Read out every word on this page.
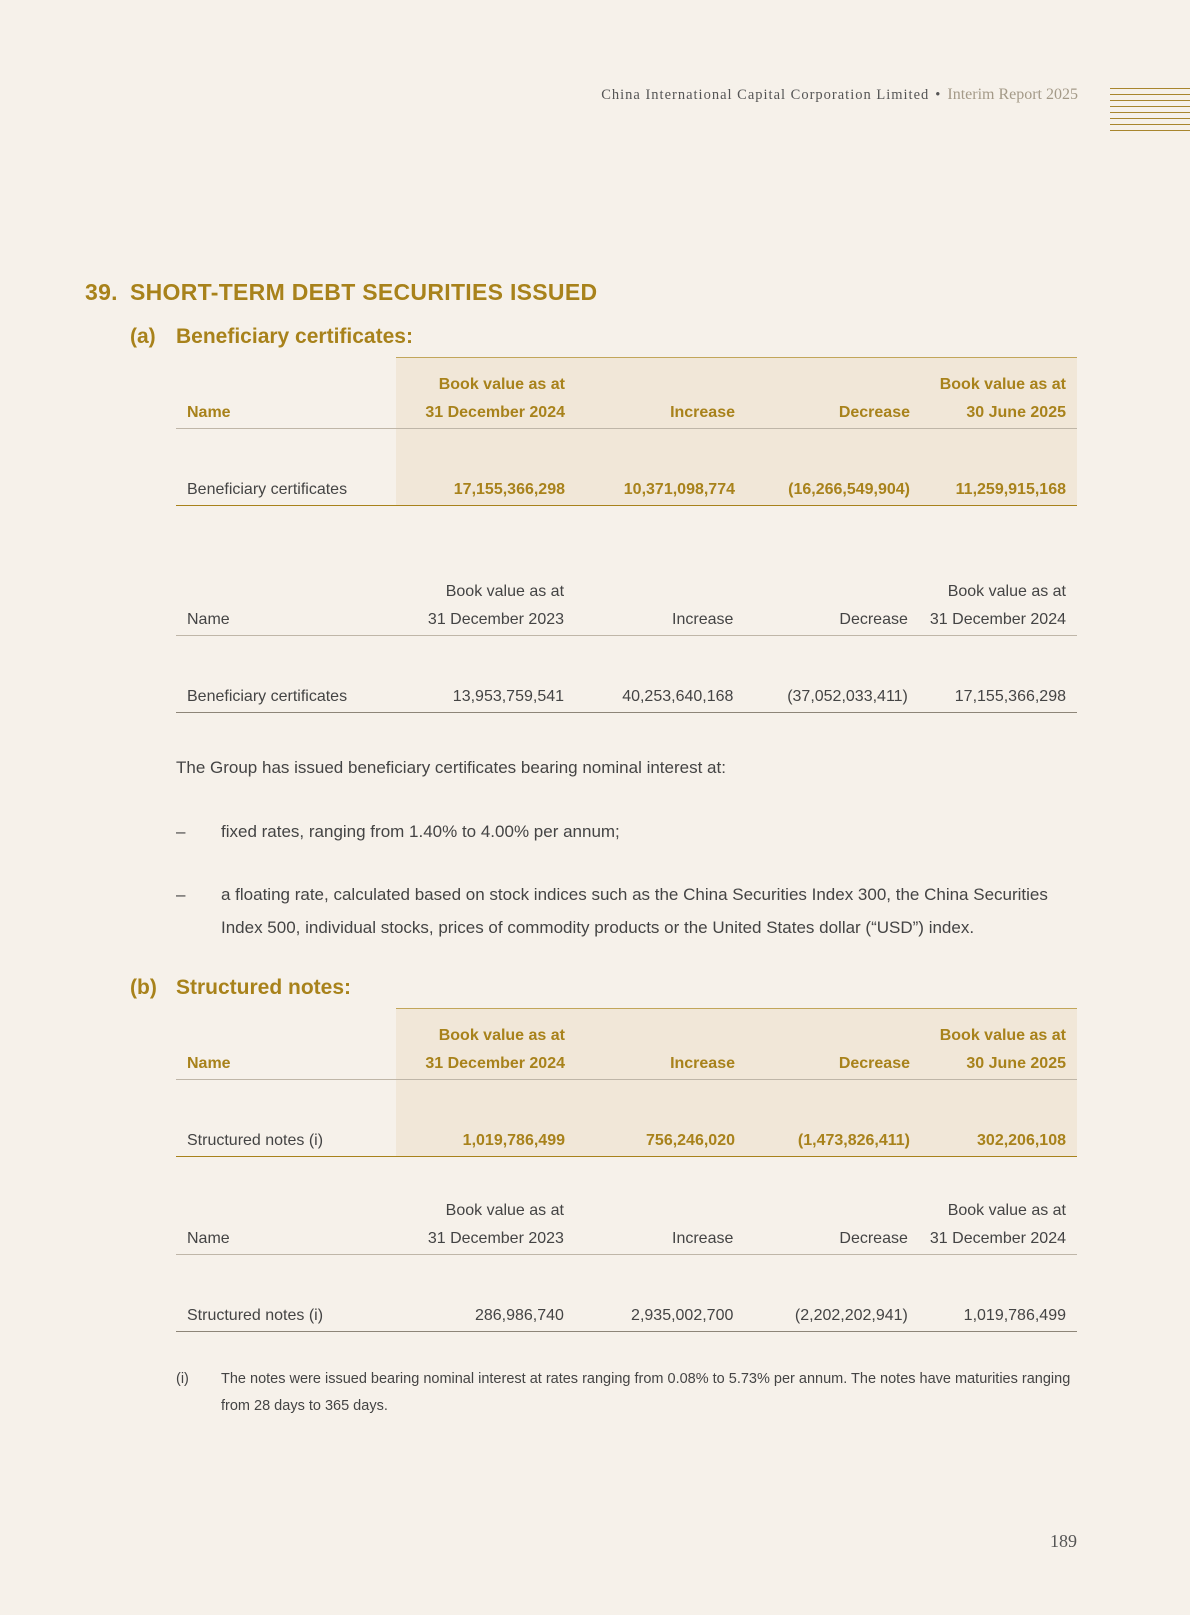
China International Capital Corporation Limited • Interim Report 2025
39. SHORT-TERM DEBT SECURITIES ISSUED
(a) Beneficiary certificates:
	Book value as at			Book value as at
Name	31 December 2024	Increase	Decrease	30 June 2025
Beneficiary certificates	17,155,366,298	10,371,098,774	(16,266,549,904)	11,259,915,168
	Book value as at			Book value as at
Name	31 December 2023	Increase	Decrease	31 December 2024
Beneficiary certificates	13,953,759,541	40,253,640,168	(37,052,033,411)	17,155,366,298
The Group has issued beneficiary certificates bearing nominal interest at:
– fixed rates, ranging from 1.40% to 4.00% per annum;
– a floating rate, calculated based on stock indices such as the China Securities Index 300, the China Securities Index 500, individual stocks, prices of commodity products or the United States dollar (“USD”) index.
(b) Structured notes:
	Book value as at			Book value as at
Name	31 December 2024	Increase	Decrease	30 June 2025
Structured notes (i)	1,019,786,499	756,246,020	(1,473,826,411)	302,206,108
	Book value as at			Book value as at
Name	31 December 2023	Increase	Decrease	31 December 2024
Structured notes (i)	286,986,740	2,935,002,700	(2,202,202,941)	1,019,786,499
(i) The notes were issued bearing nominal interest at rates ranging from 0.08% to 5.73% per annum. The notes have maturities ranging from 28 days to 365 days.
189
